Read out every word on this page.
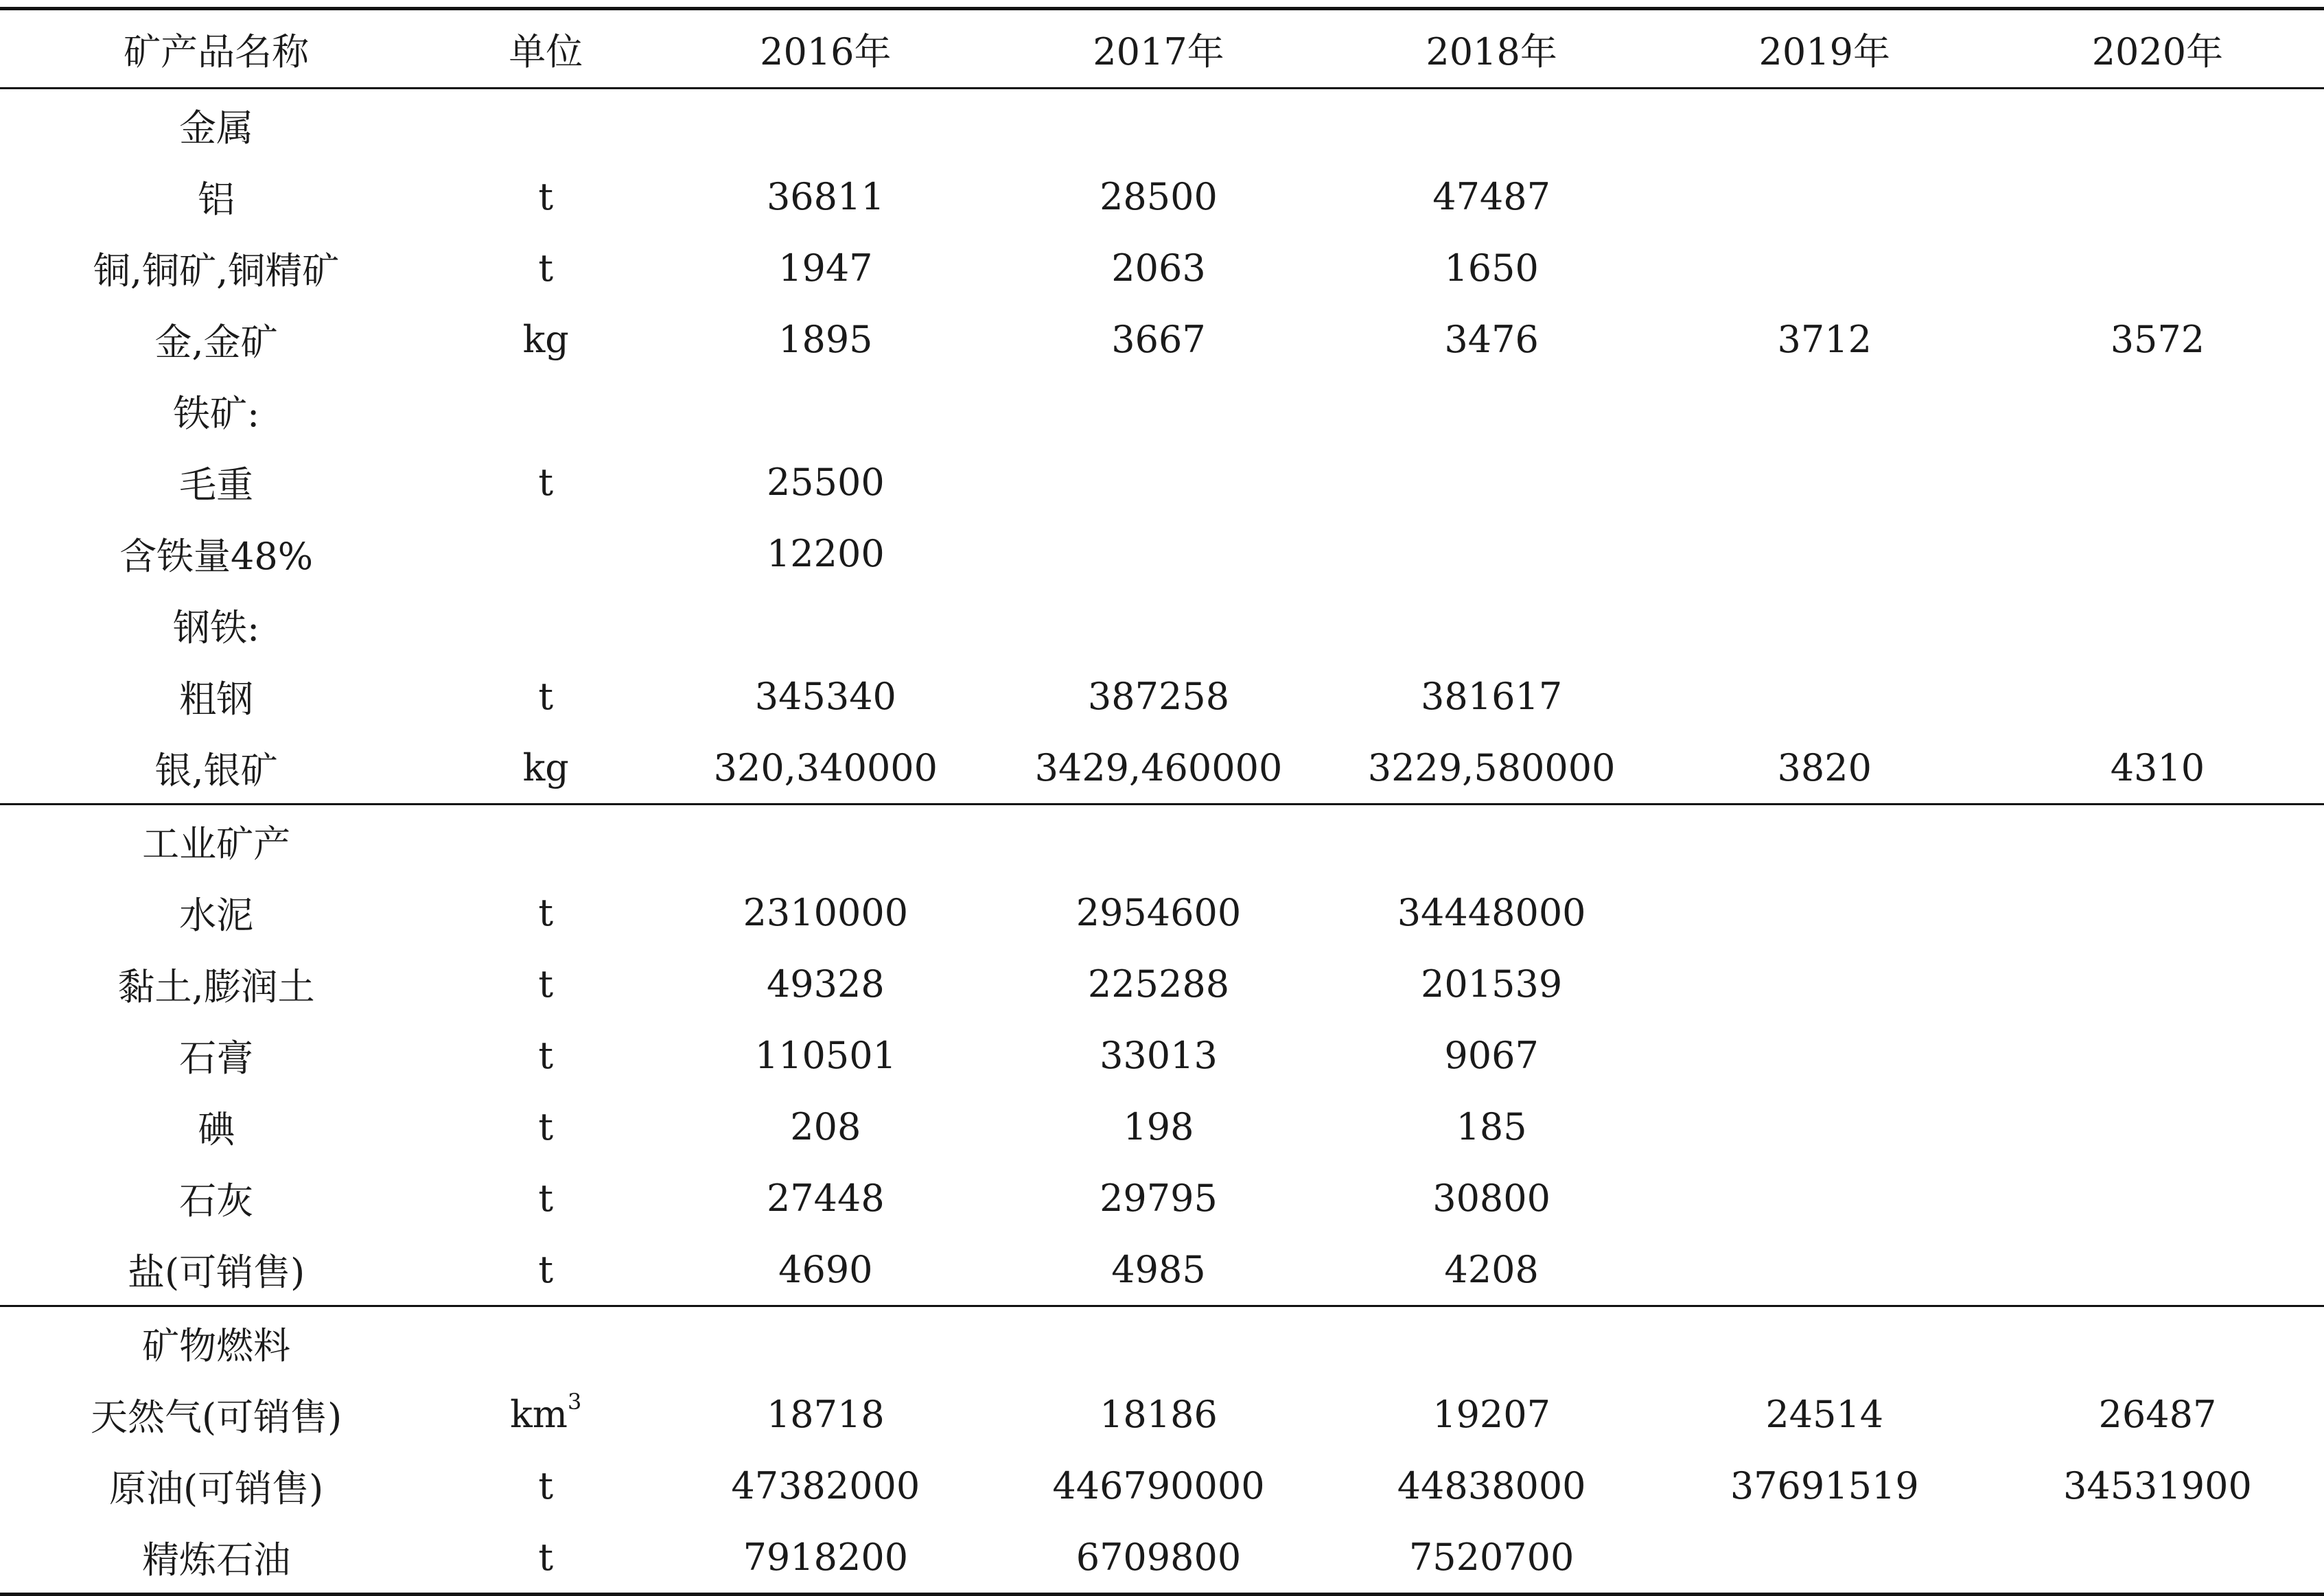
矿产品名称	单位	2016年	2017年	2018年	2019年	2020年
金属						
铝	t	36811	28500	47487		
铜,铜矿,铜精矿	t	1947	2063	1650		
金,金矿	kg	1895	3667	3476	3712	3572
铁矿:						
毛重	t	25500				
含铁量48%		12200				
钢铁:						
粗钢	t	345340	387258	381617		
银,银矿	kg	320,340000	3429,460000	3229,580000	3820	4310
工业矿产						
水泥	t	2310000	2954600	34448000		
黏土,膨润土	t	49328	225288	201539		
石膏	t	110501	33013	9067		
碘	t	208	198	185		
石灰	t	27448	29795	30800		
盐(可销售)	t	4690	4985	4208		
矿物燃料						
天然气(可销售)	$km^3$	18718	18186	19207	24514	26487
原油(可销售)	t	47382000	446790000	44838000	37691519	34531900
精炼石油	t	7918200	6709800	7520700		
